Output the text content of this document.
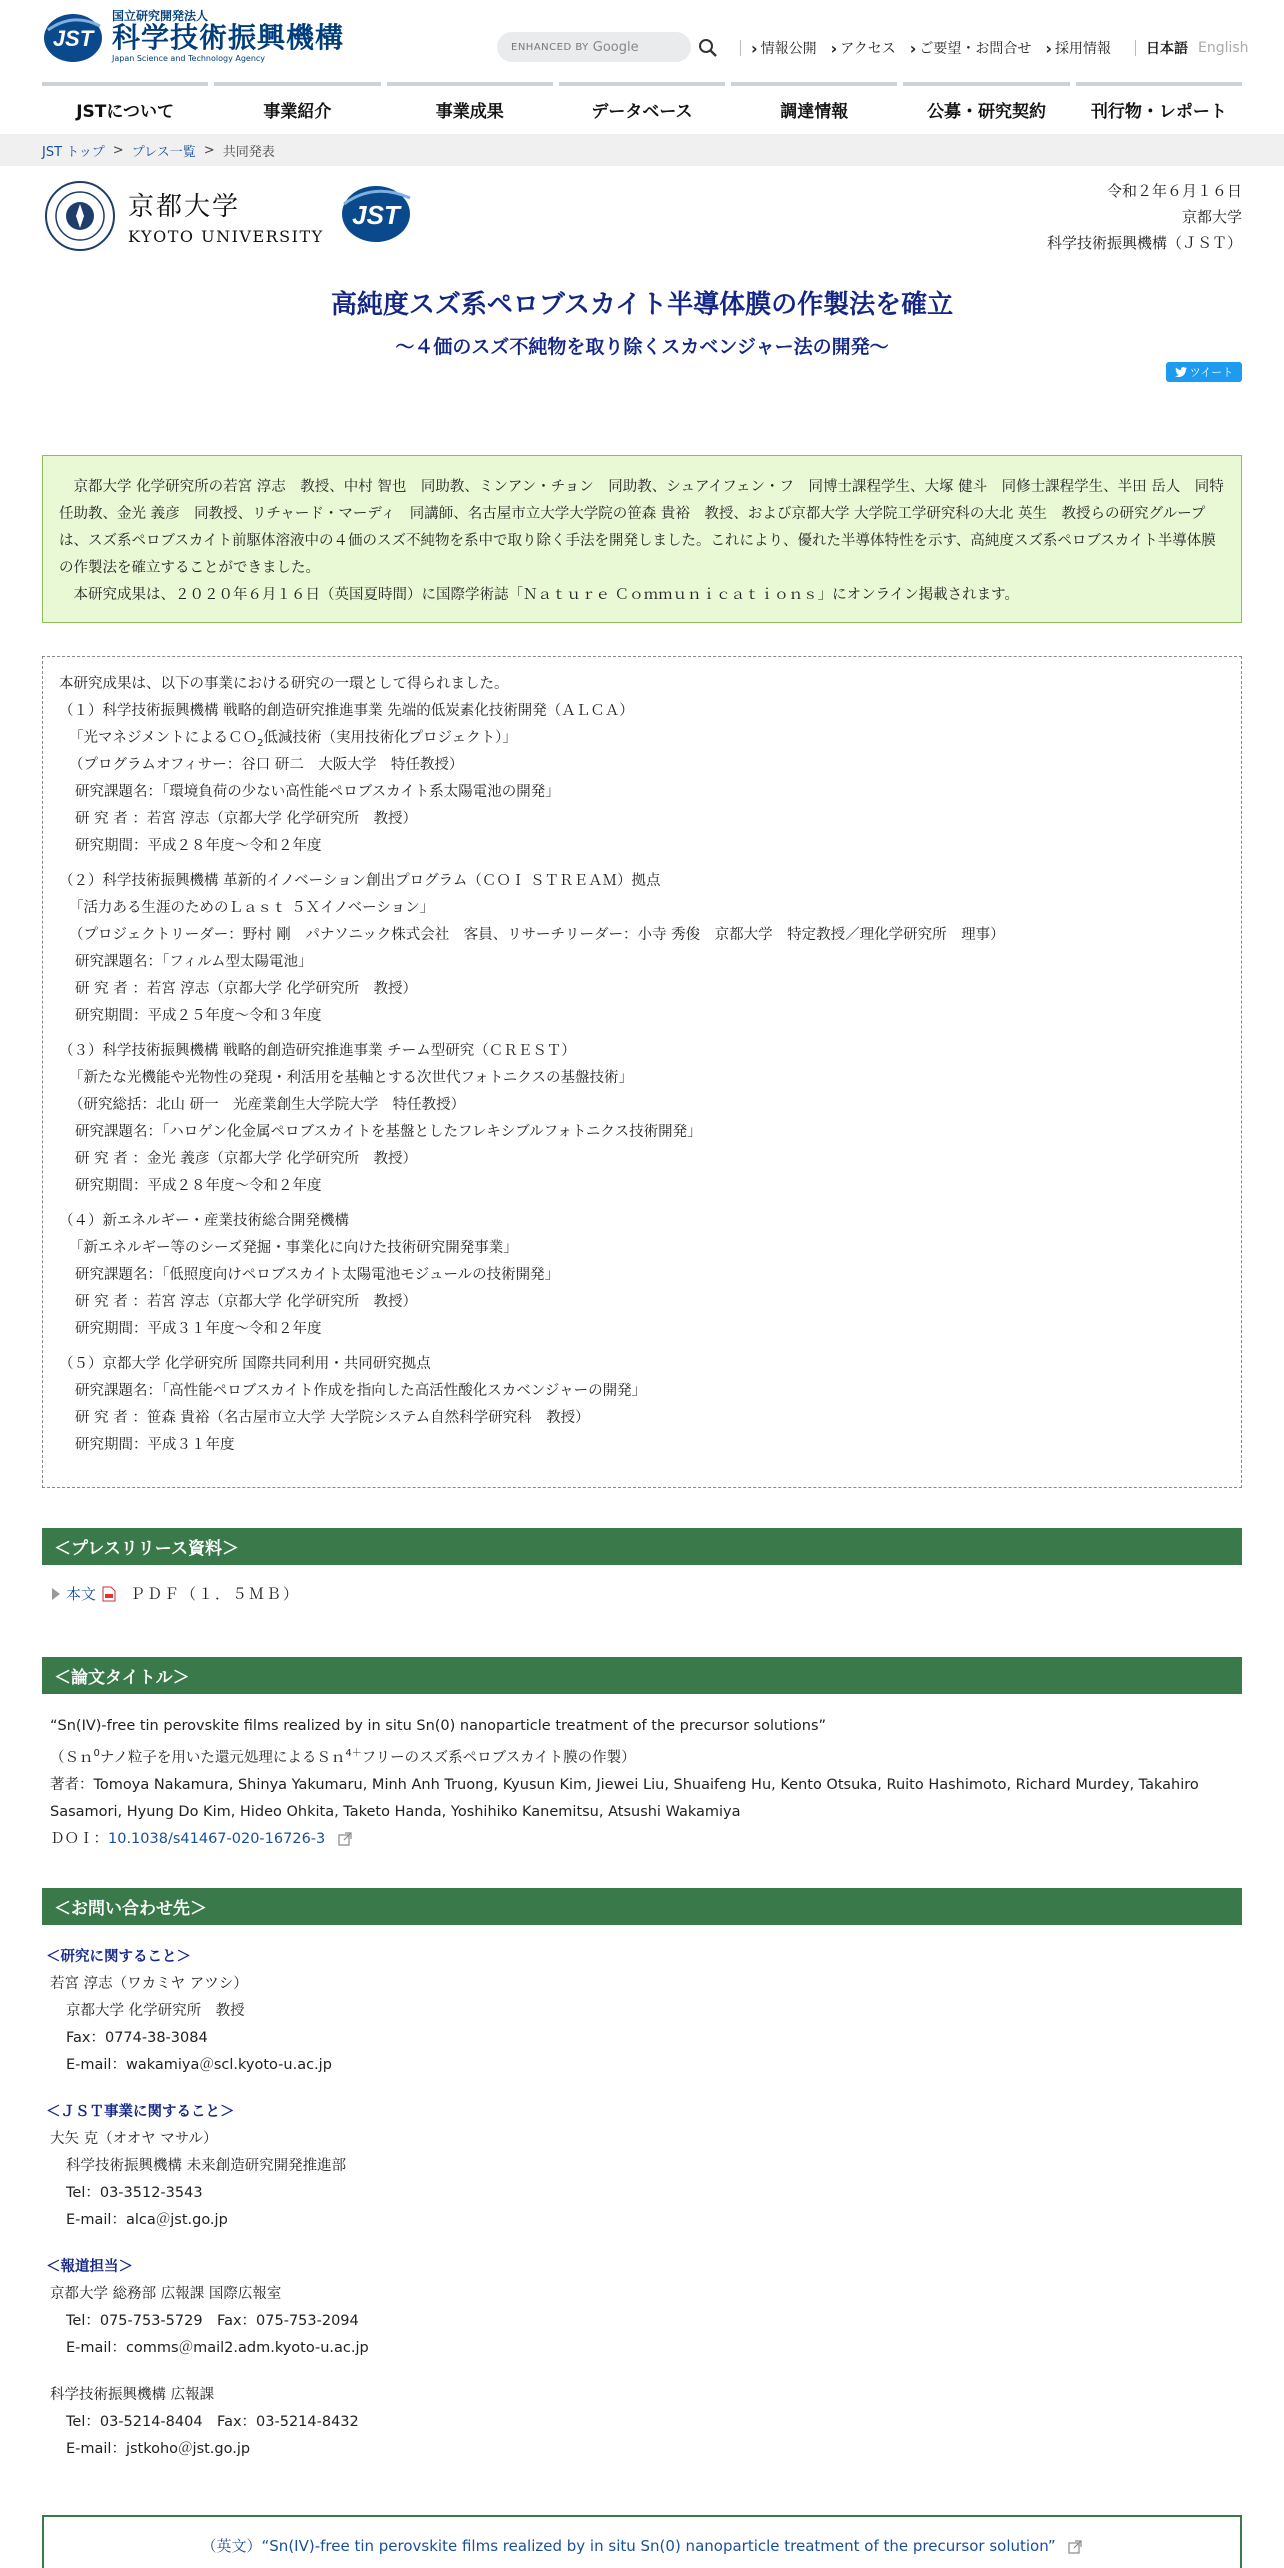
JST
国立研究開発法人
科学技術振興機構
Japan Science and Technology Agency
ENHANCED BY Google	› 情報公開	› アクセス	› ご要望・お問合せ	› 採用情報	日本語 English
JSTについて	事業紹介	事業成果	データベース	調達情報	公募・研究契約	刊行物・レポート
JST トップ > プレス一覧 > 共同発表
京都大学
KYOTO UNIVERSITY
JST
令和２年６月１６日
京都大学
科学技術振興機構（ＪＳＴ）
高純度スズ系ペロブスカイト半導体膜の作製法を確立
～４価のスズ不純物を取り除くスカベンジャー法の開発～
ツイート

京都大学 化学研究所の若宮 淳志　教授、中村 智也　同助教、ミンアン・チョン　同助教、シュアイフェン・フ　同博士課程学生、大塚 健斗　同修士課程学生、半田 岳人　同特任助教、金光 義彦　同教授、リチャード・マーディ　同講師、名古屋市立大学大学院の笹森 貴裕　教授、および京都大学 大学院工学研究科の大北 英生　教授らの研究グループは、スズ系ペロブスカイト前駆体溶液中の４価のスズ不純物を系中で取り除く手法を開発しました。これにより、優れた半導体特性を示す、高純度スズ系ペロブスカイト半導体膜の作製法を確立することができました。

本研究成果は、２０２０年６月１６日（英国夏時間）に国際学術誌「Ｎａｔｕｒｅ Ｃｏｍｍｕｎｉｃａｔｉｏｎｓ」にオンライン掲載されます。

本研究成果は、以下の事業における研究の一環として得られました。
（１）科学技術振興機構 戦略的創造研究推進事業 先端的低炭素化技術開発（ＡＬＣＡ）
「光マネジメントによるＣＯ$_2$低減技術（実用技術化プロジェクト）」
（プログラムオフィサー：谷口 研二　大阪大学　特任教授）
研究課題名：「環境負荷の少ない高性能ペロブスカイト系太陽電池の開発」
研 究 者 ：若宮 淳志（京都大学 化学研究所　教授）
研究期間：平成２８年度～令和２年度
（２）科学技術振興機構 革新的イノベーション創出プログラム（ＣＯＩ ＳＴＲＥＡＭ）拠点
「活力ある生涯のためのＬａｓｔ ５Ｘイノベーション」
（プロジェクトリーダー：野村 剛　パナソニック株式会社　客員、リサーチリーダー：小寺 秀俊　京都大学　特定教授／理化学研究所　理事）
研究課題名：「フィルム型太陽電池」
研 究 者 ：若宮 淳志（京都大学 化学研究所　教授）
研究期間：平成２５年度～令和３年度
（３）科学技術振興機構 戦略的創造研究推進事業 チーム型研究（ＣＲＥＳＴ）
「新たな光機能や光物性の発現・利活用を基軸とする次世代フォトニクスの基盤技術」
（研究総括：北山 研一　光産業創生大学院大学　特任教授）
研究課題名：「ハロゲン化金属ペロブスカイトを基盤としたフレキシブルフォトニクス技術開発」
研 究 者 ：金光 義彦（京都大学 化学研究所　教授）
研究期間：平成２８年度～令和２年度
（４）新エネルギー・産業技術総合開発機構
「新エネルギー等のシーズ発掘・事業化に向けた技術研究開発事業」
研究課題名：「低照度向けペロブスカイト太陽電池モジュールの技術開発」
研 究 者 ：若宮 淳志（京都大学 化学研究所　教授）
研究期間：平成３１年度～令和２年度
（５）京都大学 化学研究所 国際共同利用・共同研究拠点
研究課題名：「高性能ペロブスカイト作成を指向した高活性酸化スカベンジャーの開発」
研 究 者 ：笹森 貴裕（名古屋市立大学 大学院システム自然科学研究科　教授）
研究期間：平成３１年度
＜プレスリリース資料＞
本文 ＰＤＦ（１．５ＭＢ）
＜論文タイトル＞
“Sn(IV)-free tin perovskite films realized by in situ Sn(0) nanoparticle treatment of the precursor solutions”
（Ｓｎ$^0$ナノ粒子を用いた還元処理によるＳｎ$^{4+}$フリーのスズ系ペロブスカイト膜の作製）
著者：Tomoya Nakamura, Shinya Yakumaru, Minh Anh Truong, Kyusun Kim, Jiewei Liu, Shuaifeng Hu, Kento Otsuka, Ruito Hashimoto, Richard Murdey, Takahiro Sasamori, Hyung Do Kim, Hideo Ohkita, Taketo Handa, Yoshihiko Kanemitsu, Atsushi Wakamiya
ＤＯＩ：10.1038/s41467-020-16726-3
＜お問い合わせ先＞
＜研究に関すること＞
若宮 淳志（ワカミヤ アツシ）
京都大学 化学研究所　教授
Fax：0774-38-3084
E-mail：wakamiya＠scl.kyoto-u.ac.jp
＜ＪＳＴ事業に関すること＞
大矢 克（オオヤ マサル）
科学技術振興機構 未来創造研究開発推進部
Tel：03-3512-3543
E-mail：alca＠jst.go.jp
＜報道担当＞
京都大学 総務部 広報課 国際広報室
Tel：075-753-5729　Fax：075-753-2094
E-mail：comms＠mail2.adm.kyoto-u.ac.jp
科学技術振興機構 広報課
Tel：03-5214-8404　Fax：03-5214-8432
E-mail：jstkoho＠jst.go.jp
（英文）“Sn(IV)-free tin perovskite films realized by in situ Sn(0) nanoparticle treatment of the precursor solution”
